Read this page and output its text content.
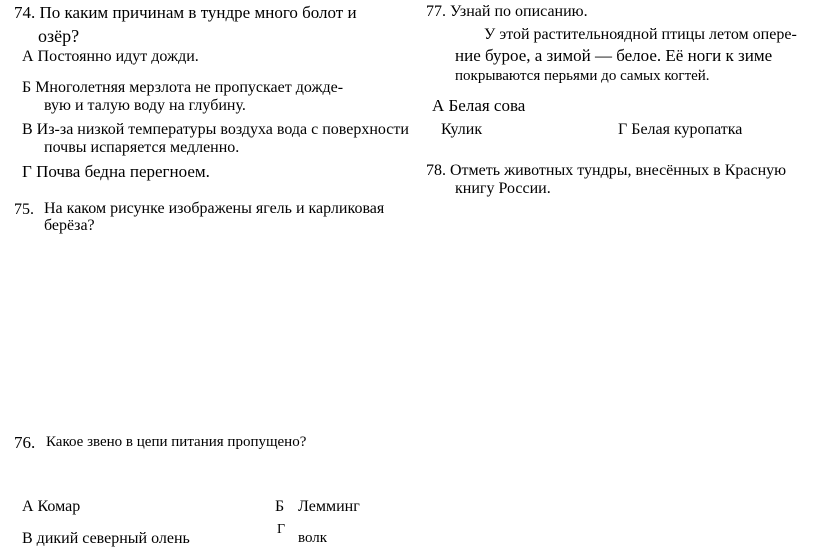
74. По каким причинам в тундре много болот и
озёр?
А Постоянно идут дожди.
Б Многолетняя мерзлота не пропускает дожде-
вую и талую воду на глубину.
В Из-за низкой температуры воздуха вода с поверхности
почвы испаряется медленно.
Г Почва бедна перегноем.
75. На каком рисунке изображены ягель и карликовая
берёза?
76. Какое звено в цепи питания пропущено?
А Комар	Б Лемминг
В дикий северный олень
Г
волк
77. Узнай по описанию.
У этой растительноядной птицы летом опере-
ние бурое, а зимой — белое. Её ноги к зиме
покрываются перьями до самых когтей.
А Белая сова
Кулик	Г Белая куропатка
78. Отметь животных тундры, внесённых в Красную
книгу России.
